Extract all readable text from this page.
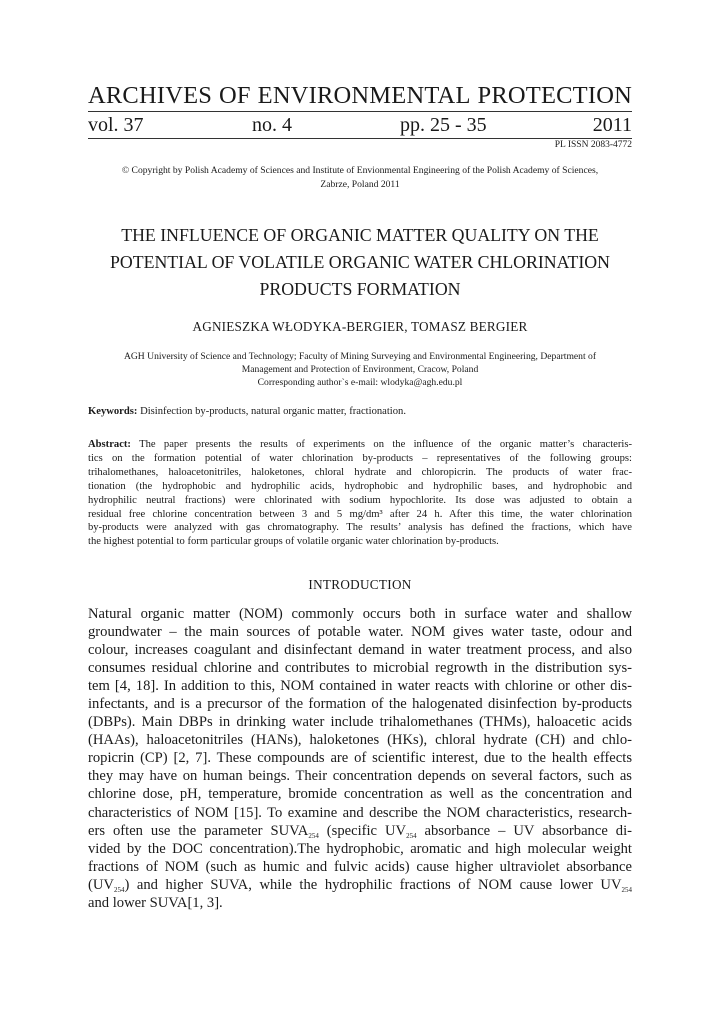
ARCHIVES OF ENVIRONMENTAL PROTECTION
vol. 37	no. 4	pp. 25 - 35	2011
PL ISSN 2083-4772
© Copyright by Polish Academy of Sciences and Institute of Envionmental Engineering of the Polish Academy of Sciences,
Zabrze, Poland 2011
THE INFLUENCE OF ORGANIC MATTER QUALITY ON THE
POTENTIAL OF VOLATILE ORGANIC WATER CHLORINATION
PRODUCTS FORMATION
AGNIESZKA WŁODYKA-BERGIER, TOMASZ BERGIER
AGH University of Science and Technology; Faculty of Mining Surveying and Environmental Engineering, Department of
Management and Protection of Environment, Cracow, Poland
Corresponding author`s e-mail: wlodyka@agh.edu.pl
Keywords: Disinfection by-products, natural organic matter, fractionation.
Abstract: The paper presents the results of experiments on the influence of the organic matter’s characteris-
tics on the formation potential of water chlorination by-products – representatives of the following groups:
trihalomethanes, haloacetonitriles, haloketones, chloral hydrate and chloropicrin. The products of water frac-
tionation (the hydrophobic and hydrophilic acids, hydrophobic and hydrophilic bases, and hydrophobic and
hydrophilic neutral fractions) were chlorinated with sodium hypochlorite. Its dose was adjusted to obtain a
residual free chlorine concentration between 3 and 5 mg/dm³ after 24 h. After this time, the water chlorination
by-products were analyzed with gas chromatography. The results’ analysis has defined the fractions, which have
the highest potential to form particular groups of volatile organic water chlorination by-products.
INTRODUCTION
Natural organic matter (NOM) commonly occurs both in surface water and shallow
groundwater – the main sources of potable water. NOM gives water taste, odour and
colour, increases coagulant and disinfectant demand in water treatment process, and also
consumes residual chlorine and contributes to microbial regrowth in the distribution sys-
tem [4, 18]. In addition to this, NOM contained in water reacts with chlorine or other dis-
infectants, and is a precursor of the formation of the halogenated disinfection by-products
(DBPs). Main DBPs in drinking water include trihalomethanes (THMs), haloacetic acids
(HAAs), haloacetonitriles (HANs), haloketones (HKs), chloral hydrate (CH) and chlo-
ropicrin (CP) [2, 7]. These compounds are of scientific interest, due to the health effects
they may have on human beings. Their concentration depends on several factors, such as
chlorine dose, pH, temperature, bromide concentration as well as the concentration and
characteristics of NOM [15]. To examine and describe the NOM characteristics, research-
ers often use the parameter $SUVA_{254}$ (specific $UV_{254}$ absorbance – UV absorbance di-
vided by the DOC concentration).The hydrophobic, aromatic and high molecular weight
fractions of NOM (such as humic and fulvic acids) cause higher ultraviolet absorbance
$(UV_{254})$ and higher SUVA, while the hydrophilic fractions of NOM cause lower $UV_{254}$
and lower SUVA[1, 3].
